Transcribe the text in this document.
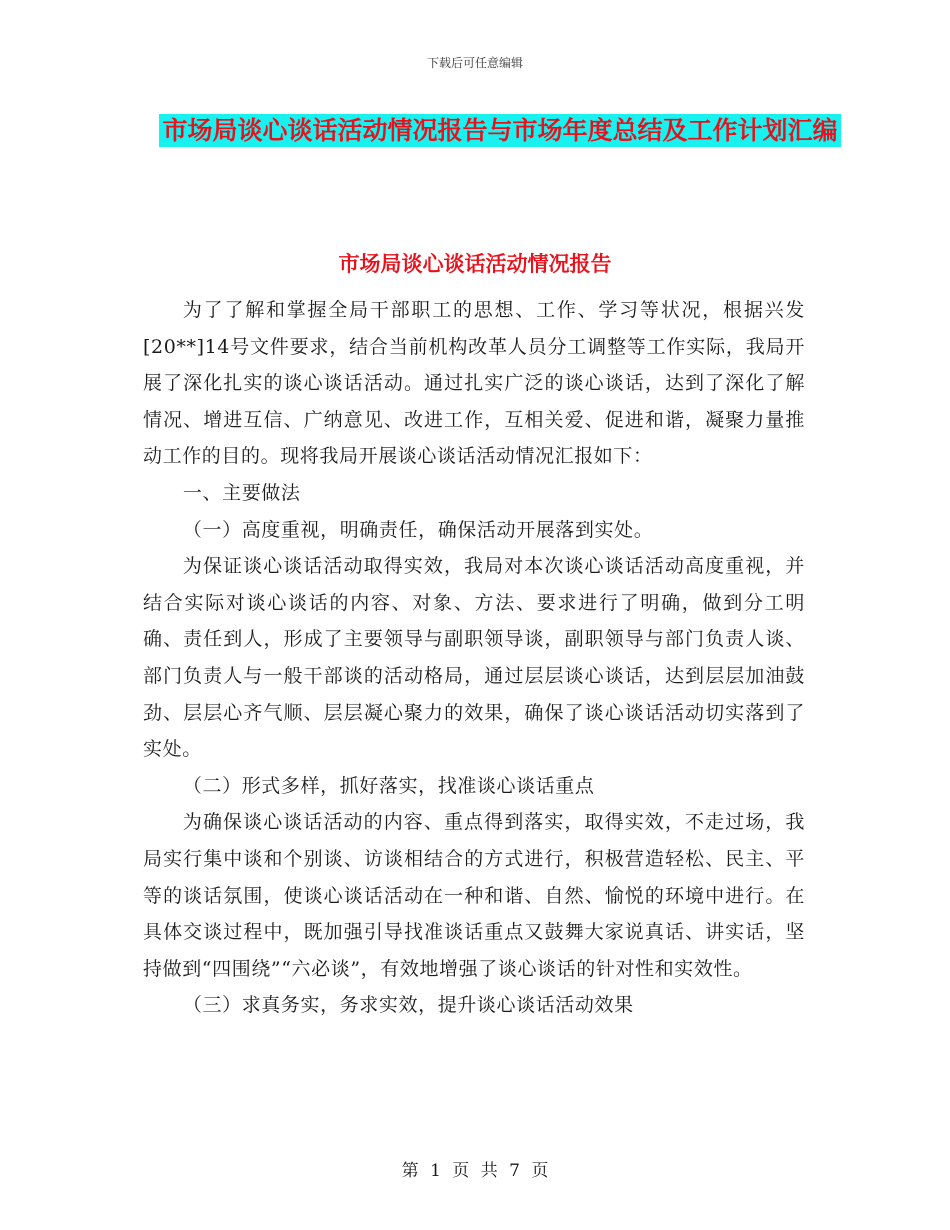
下载后可任意编辑
市场局谈心谈话活动情况报告与市场年度总结及工作计划汇编
市场局谈心谈话活动情况报告

为了了解和掌握全局干部职工的思想、工作、学习等状况，根据兴发[20**]14号文件要求，结合当前机构改革人员分工调整等工作实际，我局开展了深化扎实的谈心谈话活动。通过扎实广泛的谈心谈话，达到了深化了解情况、增进互信、广纳意见、改进工作，互相关爱、促进和谐，凝聚力量推动工作的目的。现将我局开展谈心谈话活动情况汇报如下：

一、主要做法

（一）高度重视，明确责任，确保活动开展落到实处。

为保证谈心谈话活动取得实效，我局对本次谈心谈话活动高度重视，并结合实际对谈心谈话的内容、对象、方法、要求进行了明确，做到分工明确、责任到人，形成了主要领导与副职领导谈，副职领导与部门负责人谈、部门负责人与一般干部谈的活动格局，通过层层谈心谈话，达到层层加油鼓劲、层层心齐气顺、层层凝心聚力的效果，确保了谈心谈话活动切实落到了实处。

（二）形式多样，抓好落实，找准谈心谈话重点

为确保谈心谈话活动的内容、重点得到落实，取得实效，不走过场，我局实行集中谈和个别谈、访谈相结合的方式进行，积极营造轻松、民主、平等的谈话氛围，使谈心谈话活动在一种和谐、自然、愉悦的环境中进行。在具体交谈过程中，既加强引导找准谈话重点又鼓舞大家说真话、讲实话，坚持做到“四围绕”“六必谈”，有效地增强了谈心谈话的针对性和实效性。

（三）求真务实，务求实效，提升谈心谈话活动效果

第 1 页 共 7 页
